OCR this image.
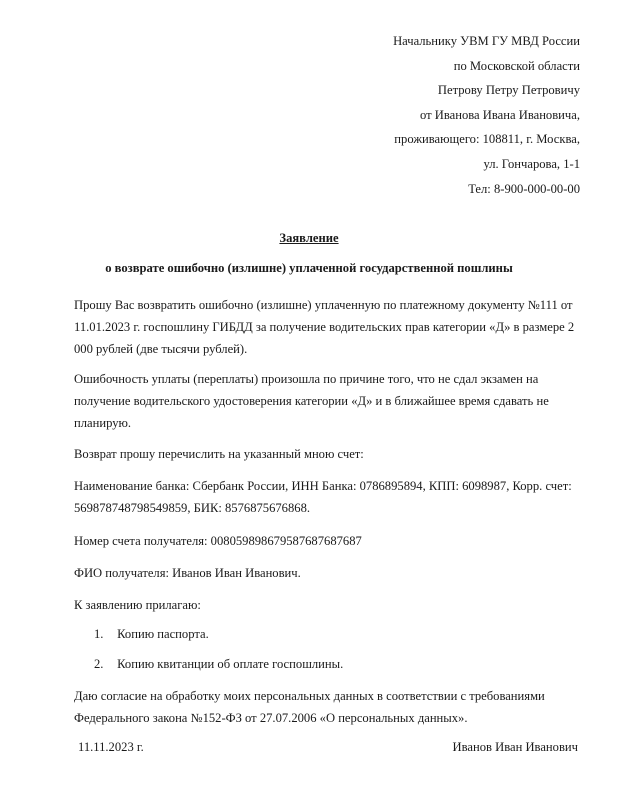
Начальнику УВМ ГУ МВД России
по Московской области
Петрову Петру Петровичу
от Иванова Ивана Ивановича,
проживающего: 108811, г. Москва,
ул. Гончарова, 1-1
Тел: 8-900-000-00-00
Заявление
о возврате ошибочно (излишне) уплаченной государственной пошлины
Прошу Вас возвратить ошибочно (излишне) уплаченную по платежному документу №111 от 11.01.2023 г. госпошлину ГИБДД за получение водительских прав категории «Д» в размере 2 000 рублей (две тысячи рублей).
Ошибочность уплаты (переплаты) произошла по причине того, что не сдал экзамен на получение водительского удостоверения категории «Д» и в ближайшее время сдавать не планирую.
Возврат прошу перечислить на указанный мною счет:
Наименование банка: Сбербанк России, ИНН Банка: 0786895894, КПП: 6098987, Корр. счет: 569878748798549859, БИК: 8576875676868.
Номер счета получателя: 008059898679587687687687
ФИО получателя: Иванов Иван Иванович.
К заявлению прилагаю:
1. Копию паспорта.
2. Копию квитанции об оплате госпошлины.
Даю согласие на обработку моих персональных данных в соответствии с требованиями Федерального закона №152-ФЗ от 27.07.2006 «О персональных данных».
11.11.2023 г.	Иванов Иван Иванович
